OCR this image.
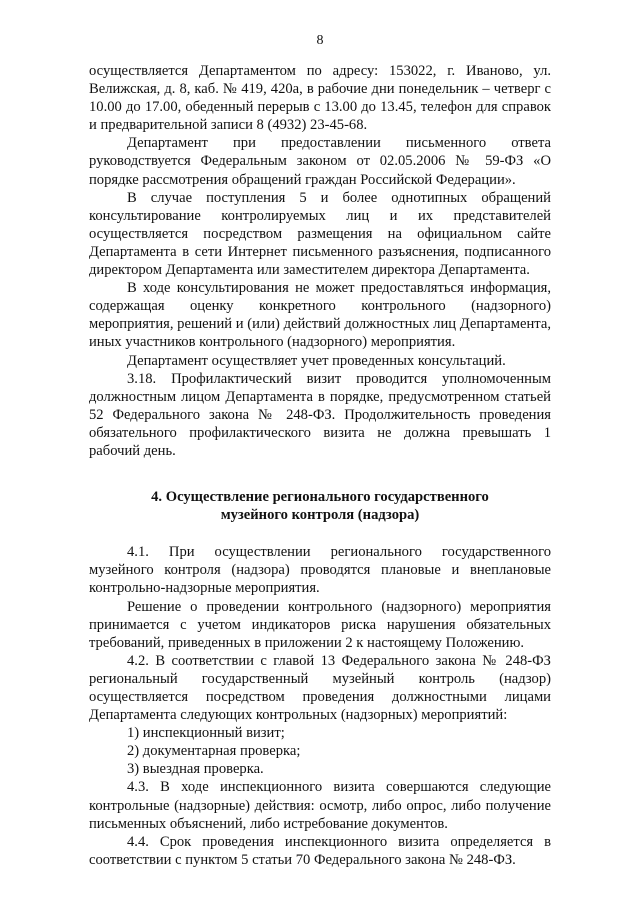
8

осуществляется Департаментом по адресу: 153022, г. Иваново, ул. Велижская, д. 8, каб. № 419, 420а, в рабочие дни понедельник – четверг с 10.00 до 17.00, обеденный перерыв с 13.00 до 13.45, телефон для справок и предварительной записи 8 (4932) 23-45-68.

Департамент при предоставлении письменного ответа руководствуется Федеральным законом от 02.05.2006 № 59-ФЗ «О порядке рассмотрения обращений граждан Российской Федерации».

В случае поступления 5 и более однотипных обращений консультирование контролируемых лиц и их представителей осуществляется посредством размещения на официальном сайте Департамента в сети Интернет письменного разъяснения, подписанного директором Департамента или заместителем директора Департамента.

В ходе консультирования не может предоставляться информация, содержащая оценку конкретного контрольного (надзорного) мероприятия, решений и (или) действий должностных лиц Департамента, иных участников контрольного (надзорного) мероприятия.

Департамент осуществляет учет проведенных консультаций.

3.18. Профилактический визит проводится уполномоченным должностным лицом Департамента в порядке, предусмотренном статьей 52 Федерального закона № 248-ФЗ. Продолжительность проведения обязательного профилактического визита не должна превышать 1 рабочий день.

4. Осуществление регионального государственного
музейного контроля (надзора)

4.1. При осуществлении регионального государственного музейного контроля (надзора) проводятся плановые и внеплановые контрольно-надзорные мероприятия.

Решение о проведении контрольного (надзорного) мероприятия принимается с учетом индикаторов риска нарушения обязательных требований, приведенных в приложении 2 к настоящему Положению.

4.2. В соответствии с главой 13 Федерального закона № 248-ФЗ региональный государственный музейный контроль (надзор) осуществляется посредством проведения должностными лицами Департамента следующих контрольных (надзорных) мероприятий:

1) инспекционный визит;

2) документарная проверка;

3) выездная проверка.

4.3. В ходе инспекционного визита совершаются следующие контрольные (надзорные) действия: осмотр, либо опрос, либо получение письменных объяснений, либо истребование документов.

4.4. Срок проведения инспекционного визита определяется в соответствии с пунктом 5 статьи 70 Федерального закона № 248-ФЗ.
